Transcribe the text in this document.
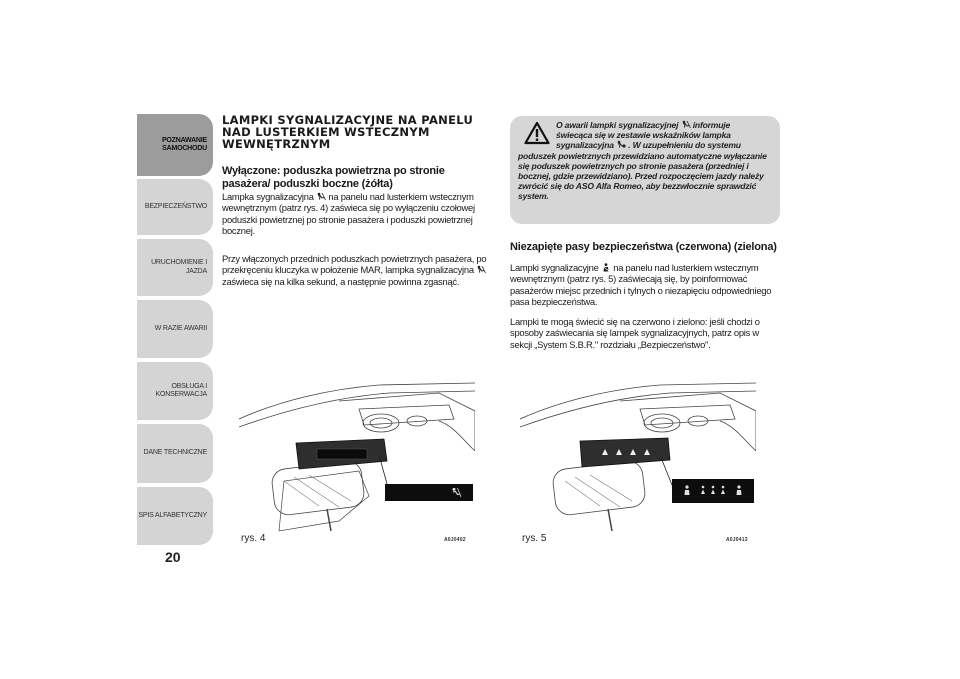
POZNAWANIE
SAMOCHODU
BEZPIECZEŃSTWO
URUCHOMIENIE I
JAZDA
W RAZIE AWARII
OBSŁUGA I
KONSERWACJA
DANE TECHNICZNE
SPIS ALFABETYCZNY
20
LAMPKI SYGNALIZACYJNE NA PANELU NAD LUSTERKIEM WSTECZNYM WEWNĘTRZNYM
Wyłączone: poduszka powietrzna po stronie pasażera/ poduszki boczne (żółta)
Lampka sygnalizacyjna na panelu nad lusterkiem wstecznym wewnętrznym (patrz rys. 4) zaświeca się po wyłączeniu czołowej poduszki powietrznej po stronie pasażera i poduszki powietrznej bocznej.
Przy włączonych przednich poduszkach powietrznych pasażera, po przekręceniu kluczyka w położenie MAR, lampka sygnalizacyjna  zaświeca się na kilka sekund, a następnie powinna zgasnąć.
O awarii lampki sygnalizacyjnej informuje
świecąca się w zestawie wskaźników lampka
sygnalizacyjna . W uzupełnieniu do systemu
poduszek powietrznych przewidziano automatyczne wyłączanie się poduszek powietrznych po stronie pasażera (przedniej i bocznej, gdzie przewidziano). Przed rozpoczęciem jazdy należy zwrócić się do ASO Alfa Romeo, aby bezzwłocznie sprawdzić system.
Niezapięte pasy bezpieczeństwa (czerwona) (zielona)
Lampki sygnalizacyjne na panelu nad lusterkiem wstecznym wewnętrznym (patrz rys. 5) zaświecają się, by poinformować pasażerów miejsc przednich i tylnych o niezapięciu odpowiedniego pasa bezpieczeństwa.
Lampki te mogą świecić się na czerwono i zielono: jeśli chodzi o sposoby zaświecania się lampek sygnalizacyjnych, patrz opis w sekcji „System S.B.R." rozdziału „Bezpieczeństwo".
rys. 4	A0J0402	rys. 5	A0J0413
